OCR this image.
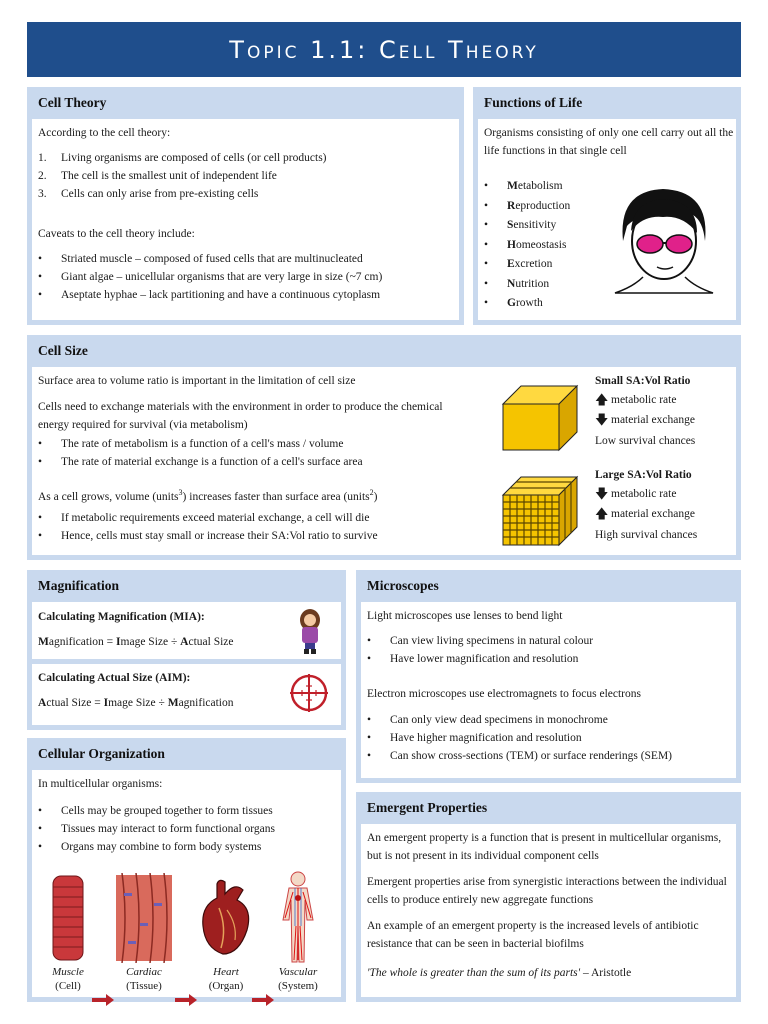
Topic 1.1: Cell Theory
Cell Theory

According to the cell theory:

1.	Living organisms are composed of cells (or cell products)
2.	The cell is the smallest unit of independent life
3.	Cells can only arise from pre-existing cells

Caveats to the cell theory include:

•	Striated muscle – composed of fused cells that are multinucleated
•	Giant algae – unicellular organisms that are very large in size (~7 cm)
•	Aseptate hyphae – lack partitioning and have a continuous cytoplasm
Functions of Life

Organisms consisting of only one cell carry out all the life functions in that single cell

•	M etabolism
•	R eproduction
•	S ensitivity
•	H omeostasis
•	E xcretion
•	N utrition
•	G rowth
Cell Size

Surface area to volume ratio is important in the limitation of cell size

Cells need to exchange materials with the environment in order to produce the chemical energy required for survival (via metabolism)

•	The rate of metabolism is a function of a cell's mass / volume
•	The rate of material exchange is a function of a cell's surface area

As a cell grows, volume (units$^3$) increases faster than surface area (units$^2$)

•	If metabolic requirements exceed material exchange, a cell will die
•	Hence, cells must stay small or increase their SA:Vol ratio to survive
Small SA:Vol Ratio
🡅 metabolic rate
🡇 material exchange
Low survival chances
Large SA:Vol Ratio
🡇 metabolic rate
🡅 material exchange
High survival chances
Magnification
Calculating Magnification (MIA):
Magnification = Image Size ÷ Actual Size
Calculating Actual Size (AIM):
Actual Size = Image Size ÷ Magnification
Microscopes

Light microscopes use lenses to bend light

•	Can view living specimens in natural colour
•	Have lower magnification and resolution

Electron microscopes use electromagnets to focus electrons

•	Can only view dead specimens in monochrome
•	Have higher magnification and resolution
•	Can show cross-sections (TEM) or surface renderings (SEM)
Cellular Organization

In multicellular organisms:

•	Cells may be grouped together to form tissues
•	Tissues may interact to form functional organs
•	Organs may combine to form body systems
Muscle
(Cell)
Cardiac
(Tissue)
Heart
(Organ)
Vascular
(System)
Emergent Properties

An emergent property is a function that is present in multicellular organisms, but is not present in its individual component cells

Emergent properties arise from synergistic interactions between the individual cells to produce entirely new aggregate functions

An example of an emergent property is the increased levels of antibiotic resistance that can be seen in bacterial biofilms

'The whole is greater than the sum of its parts' – Aristotle
